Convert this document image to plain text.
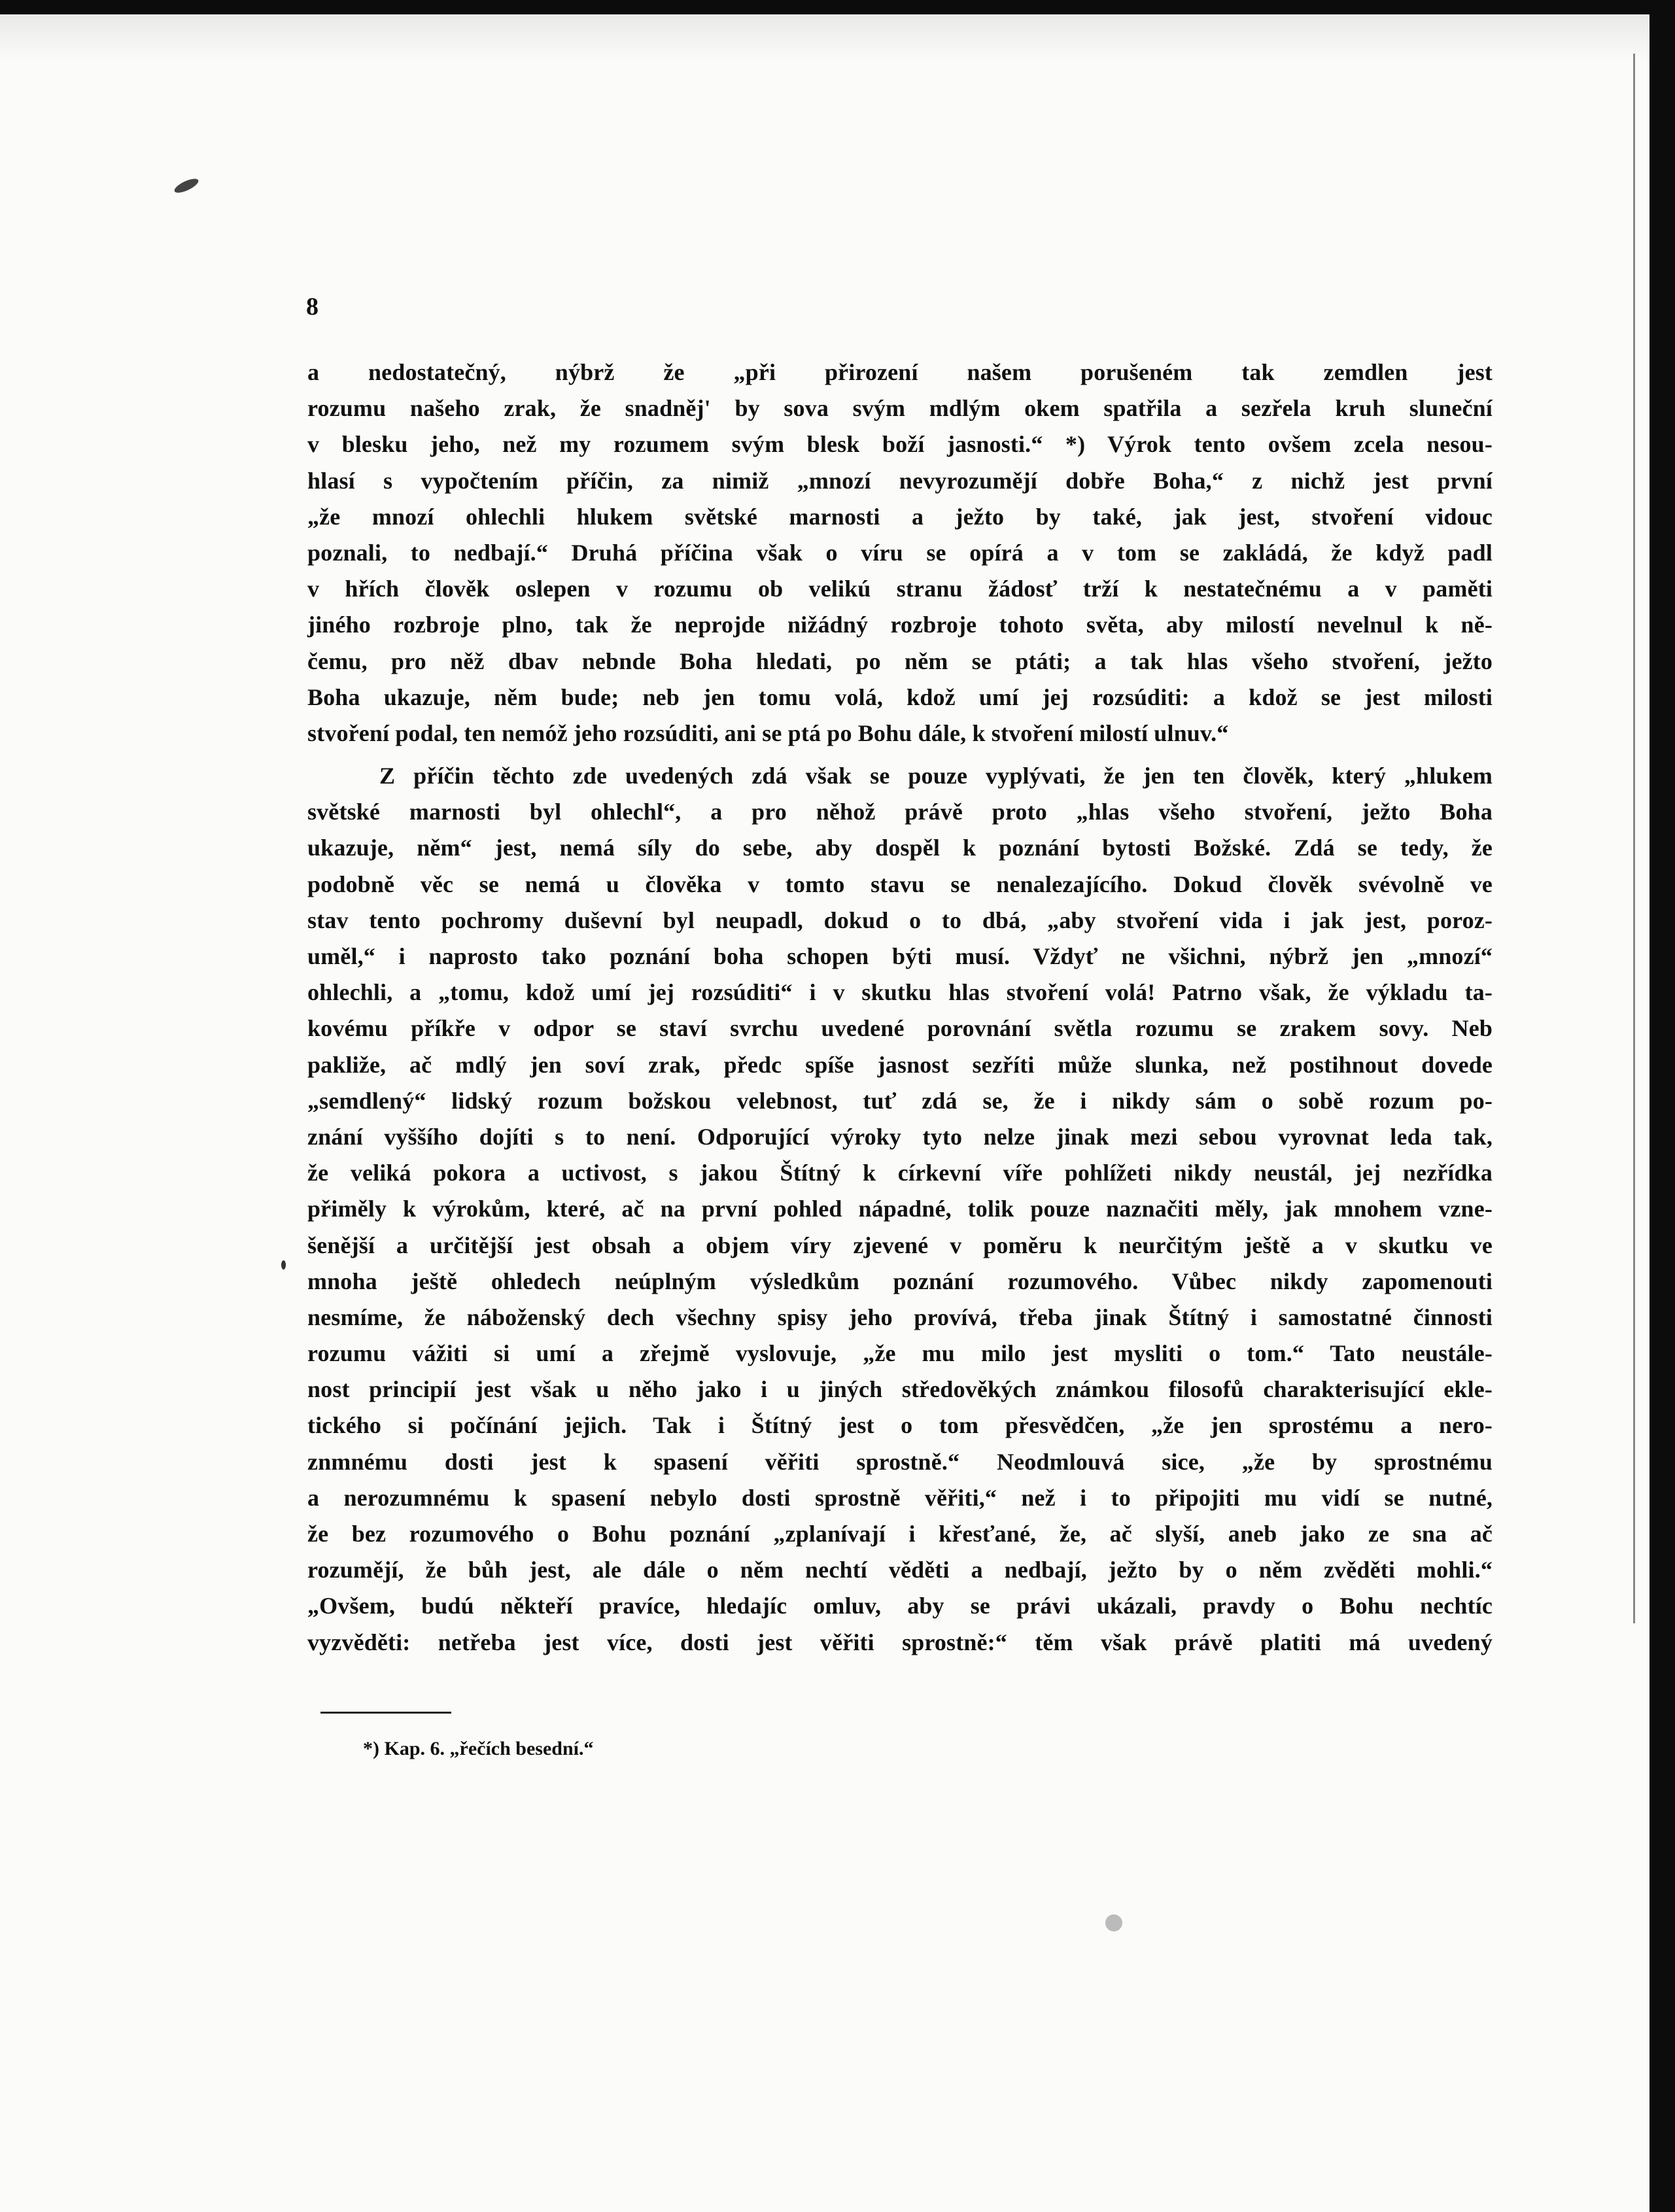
8
a nedostatečný, nýbrž že „při přirození našem porušeném tak zemdlen jest
rozumu našeho zrak, že snadněj' by sova svým mdlým okem spatřila a sezřela kruh sluneční
v blesku jeho, než my rozumem svým blesk boží jasnosti.“ *) Výrok tento ovšem zcela nesou-
hlasí s vypočtením příčin, za nimiž „mnozí nevyrozumějí dobře Boha,“ z nichž jest první
„že mnozí ohlechli hlukem světské marnosti a ježto by také, jak jest, stvoření vidouc
poznali, to nedbají.“ Druhá příčina však o víru se opírá a v tom se zakládá, že když padl
v hřích člověk oslepen v rozumu ob velikú stranu žádosť trží k nestatečnému a v paměti
jiného rozbroje plno, tak že neprojde nižádný rozbroje tohoto světa, aby milostí nevelnul k ně-
čemu, pro něž dbav nebnde Boha hledati, po něm se ptáti; a tak hlas všeho stvoření, ježto
Boha ukazuje, něm bude; neb jen tomu volá, kdož umí jej rozsúditi: a kdož se jest milosti
stvoření podal, ten nemóž jeho rozsúditi, ani se ptá po Bohu dále, k stvoření milostí ulnuv.“
Z příčin těchto zde uvedených zdá však se pouze vyplývati, že jen ten člověk, který „hlukem
světské marnosti byl ohlechl“, a pro něhož právě proto „hlas všeho stvoření, ježto Boha
ukazuje, něm“ jest, nemá síly do sebe, aby dospěl k poznání bytosti Božské. Zdá se tedy, že
podobně věc se nemá u člověka v tomto stavu se nenalezajícího. Dokud člověk svévolně ve
stav tento pochromy duševní byl neupadl, dokud o to dbá, „aby stvoření vida i jak jest, poroz-
uměl,“ i naprosto tako poznání boha schopen býti musí. Vždyť ne všichni, nýbrž jen „mnozí“
ohlechli, a „tomu, kdož umí jej rozsúditi“ i v skutku hlas stvoření volá! Patrno však, že výkladu ta-
kovému příkře v odpor se staví svrchu uvedené porovnání světla rozumu se zrakem sovy. Neb
pakliže, ač mdlý jen soví zrak, předc spíše jasnost sezříti může slunka, než postihnout dovede
„semdlený“ lidský rozum božskou velebnost, tuť zdá se, že i nikdy sám o sobě rozum po-
znání vyššího dojíti s to není. Odporující výroky tyto nelze jinak mezi sebou vyrovnat leda tak,
že veliká pokora a uctivost, s jakou Štítný k církevní víře pohlížeti nikdy neustál, jej nezřídka
přiměly k výrokům, které, ač na první pohled nápadné, tolik pouze naznačiti měly, jak mnohem vzne-
šenější a určitější jest obsah a objem víry zjevené v poměru k neurčitým ještě a v skutku ve
mnoha ještě ohledech neúplným výsledkům poznání rozumového. Vůbec nikdy zapomenouti
nesmíme, že náboženský dech všechny spisy jeho provívá, třeba jinak Štítný i samostatné činnosti
rozumu vážiti si umí a zřejmě vyslovuje, „že mu milo jest mysliti o tom.“ Tato neustále-
nost principií jest však u něho jako i u jiných středověkých známkou filosofů charakterisující eklе-
tického si počínání jejich. Tak i Štítný jest o tom přesvědčen, „že jen sprostému a nero-
znmnému dosti jest k spasení věřiti sprostně.“ Neodmlouvá sice, „že by sprostnému
a nerozumnému k spasení nebylo dosti sprostně věřiti,“ než i to připojiti mu vidí se nutné,
že bez rozumového o Bohu poznání „zplanívají i křesťané, že, ač slyší, aneb jako ze sna ač
rozumějí, že bůh jest, ale dále o něm nechtí věděti a nedbají, ježto by o něm zvěděti mohli.“
„Ovšem, budú někteří pravíce, hledajíc omluv, aby se právi ukázali, pravdy o Bohu nechtíc
vyzvěděti: netřeba jest více, dosti jest věřiti sprostně:“ těm však právě platiti má uvedený
*) Kap. 6. „řečích besední.“
